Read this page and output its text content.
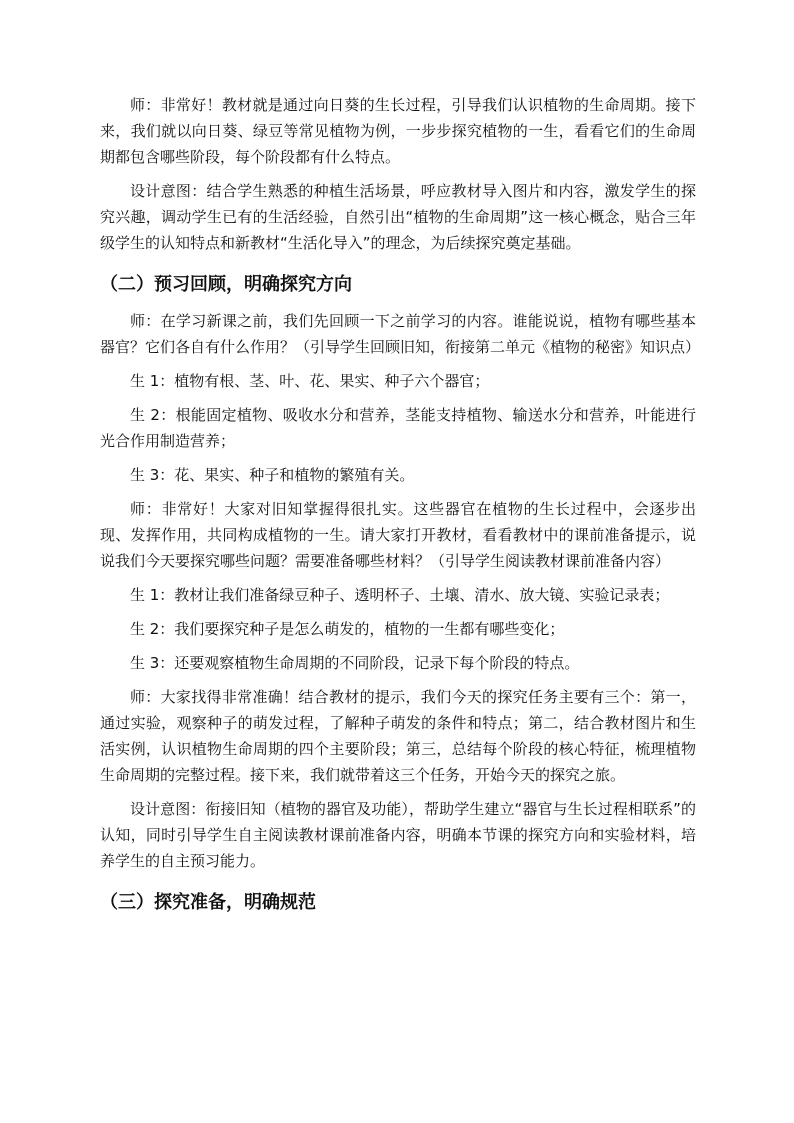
师：非常好！教材就是通过向日葵的生长过程，引导我们认识植物的生命周期。接下来，我们就以向日葵、绿豆等常见植物为例，一步步探究植物的一生，看看它们的生命周期都包含哪些阶段，每个阶段都有什么特点。

设计意图：结合学生熟悉的种植生活场景，呼应教材导入图片和内容，激发学生的探究兴趣，调动学生已有的生活经验，自然引出“植物的生命周期”这一核心概念，贴合三年级学生的认知特点和新教材“生活化导入”的理念，为后续探究奠定基础。

（二）预习回顾，明确探究方向

师：在学习新课之前，我们先回顾一下之前学习的内容。谁能说说，植物有哪些基本器官？它们各自有什么作用？（引导学生回顾旧知，衔接第二单元《植物的秘密》知识点）

生 1：植物有根、茎、叶、花、果实、种子六个器官；

生 2：根能固定植物、吸收水分和营养，茎能支持植物、输送水分和营养，叶能进行光合作用制造营养；

生 3：花、果实、种子和植物的繁殖有关。

师：非常好！大家对旧知掌握得很扎实。这些器官在植物的生长过程中，会逐步出现、发挥作用，共同构成植物的一生。请大家打开教材，看看教材中的课前准备提示，说说我们今天要探究哪些问题？需要准备哪些材料？（引导学生阅读教材课前准备内容）

生 1：教材让我们准备绿豆种子、透明杯子、土壤、清水、放大镜、实验记录表；

生 2：我们要探究种子是怎么萌发的，植物的一生都有哪些变化；

生 3：还要观察植物生命周期的不同阶段，记录下每个阶段的特点。

师：大家找得非常准确！结合教材的提示，我们今天的探究任务主要有三个：第一，通过实验，观察种子的萌发过程，了解种子萌发的条件和特点；第二，结合教材图片和生活实例，认识植物生命周期的四个主要阶段；第三，总结每个阶段的核心特征，梳理植物生命周期的完整过程。接下来，我们就带着这三个任务，开始今天的探究之旅。

设计意图：衔接旧知（植物的器官及功能），帮助学生建立“器官与生长过程相联系”的认知，同时引导学生自主阅读教材课前准备内容，明确本节课的探究方向和实验材料，培养学生的自主预习能力。

（三）探究准备，明确规范
